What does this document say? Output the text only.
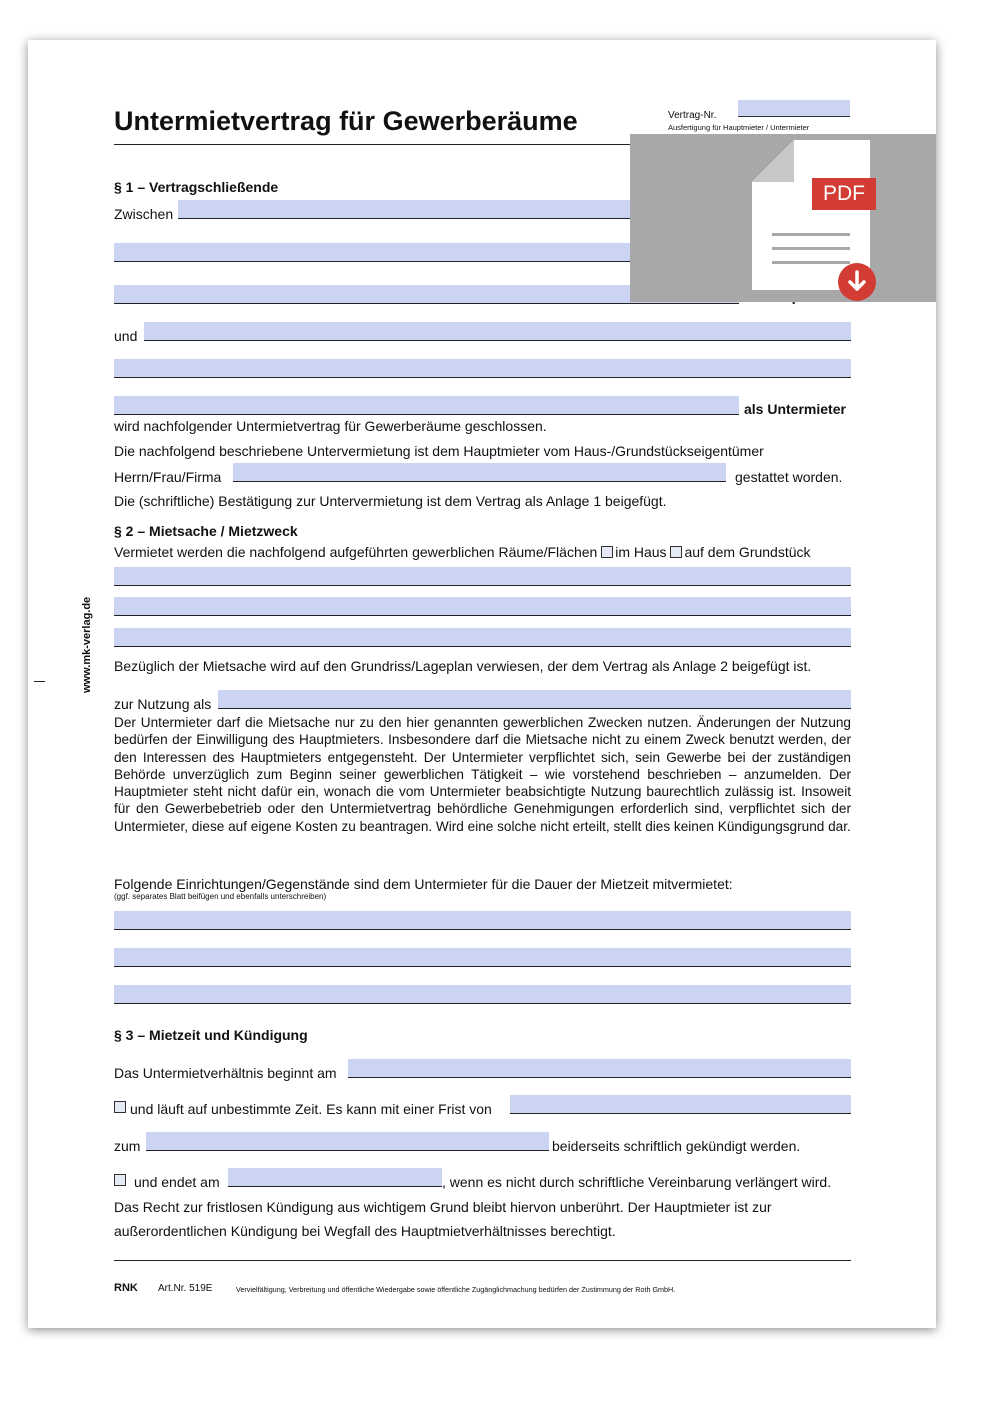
Untermietvertrag für Gewerberäume	Vertrag-Nr.
Ausfertigung für Hauptmieter / Untermieter
§ 1 – Vertragschließende
Zwischen
und
als Untermieter
wird nachfolgender Untermietvertrag für Gewerberäume geschlossen.
Die nachfolgend beschriebene Untervermietung ist dem Hauptmieter vom Haus-/Grundstückseigentümer
Herrn/Frau/Firma	gestattet worden.
Die (schriftliche) Bestätigung zur Untervermietung ist dem Vertrag als Anlage 1 beigefügt.
§ 2 – Mietsache / Mietzweck
Vermietet werden die nachfolgend aufgeführten gewerblichen Räume/Flächen im Haus auf dem Grundstück
Bezüglich der Mietsache wird auf den Grundriss/Lageplan verwiesen, der dem Vertrag als Anlage 2 beigefügt ist.
zur Nutzung als
Der Untermieter darf die Mietsache nur zu den hier genannten gewerblichen Zwecken nutzen. Änderungen der Nutzung bedürfen der Einwilligung des Hauptmieters. Insbesondere darf die Mietsache nicht zu einem Zweck benutzt werden, der den Interessen des Hauptmieters entgegensteht. Der Untermieter verpflichtet sich, sein Gewerbe bei der zuständigen Behörde unverzüglich zum Beginn seiner gewerblichen Tätigkeit – wie vorstehend beschrieben – anzumelden. Der Hauptmieter steht nicht dafür ein, wonach die vom Untermieter beabsichtigte Nutzung baurechtlich zulässig ist. Insoweit für den Gewerbebetrieb oder den Untermietvertrag behördliche Genehmigungen erforderlich sind, verpflichtet sich der Untermieter, diese auf eigene Kosten zu beantragen. Wird eine solche nicht erteilt, stellt dies keinen Kündigungsgrund dar.
Folgende Einrichtungen/Gegenstände sind dem Untermieter für die Dauer der Mietzeit mitvermietet:
(ggf. separates Blatt beifügen und ebenfalls unterschreiben)
§ 3 – Mietzeit und Kündigung
Das Untermietverhältnis beginnt am
und läuft auf unbestimmte Zeit. Es kann mit einer Frist von
zum	beiderseits schriftlich gekündigt werden.
und endet am	, wenn es nicht durch schriftliche Vereinbarung verlängert wird.
Das Recht zur fristlosen Kündigung aus wichtigem Grund bleibt hiervon unberührt. Der Hauptmieter ist zur
außerordentlichen Kündigung bei Wegfall des Hauptmietverhältnisses berechtigt.
RNK Art.Nr. 519E	Vervielfältigung, Verbreitung und öffentliche Wiedergabe sowie öffentliche Zugänglichmachung bedürfen der Zustimmung der Roth GmbH.
www.mk-verlag.de
PDF
